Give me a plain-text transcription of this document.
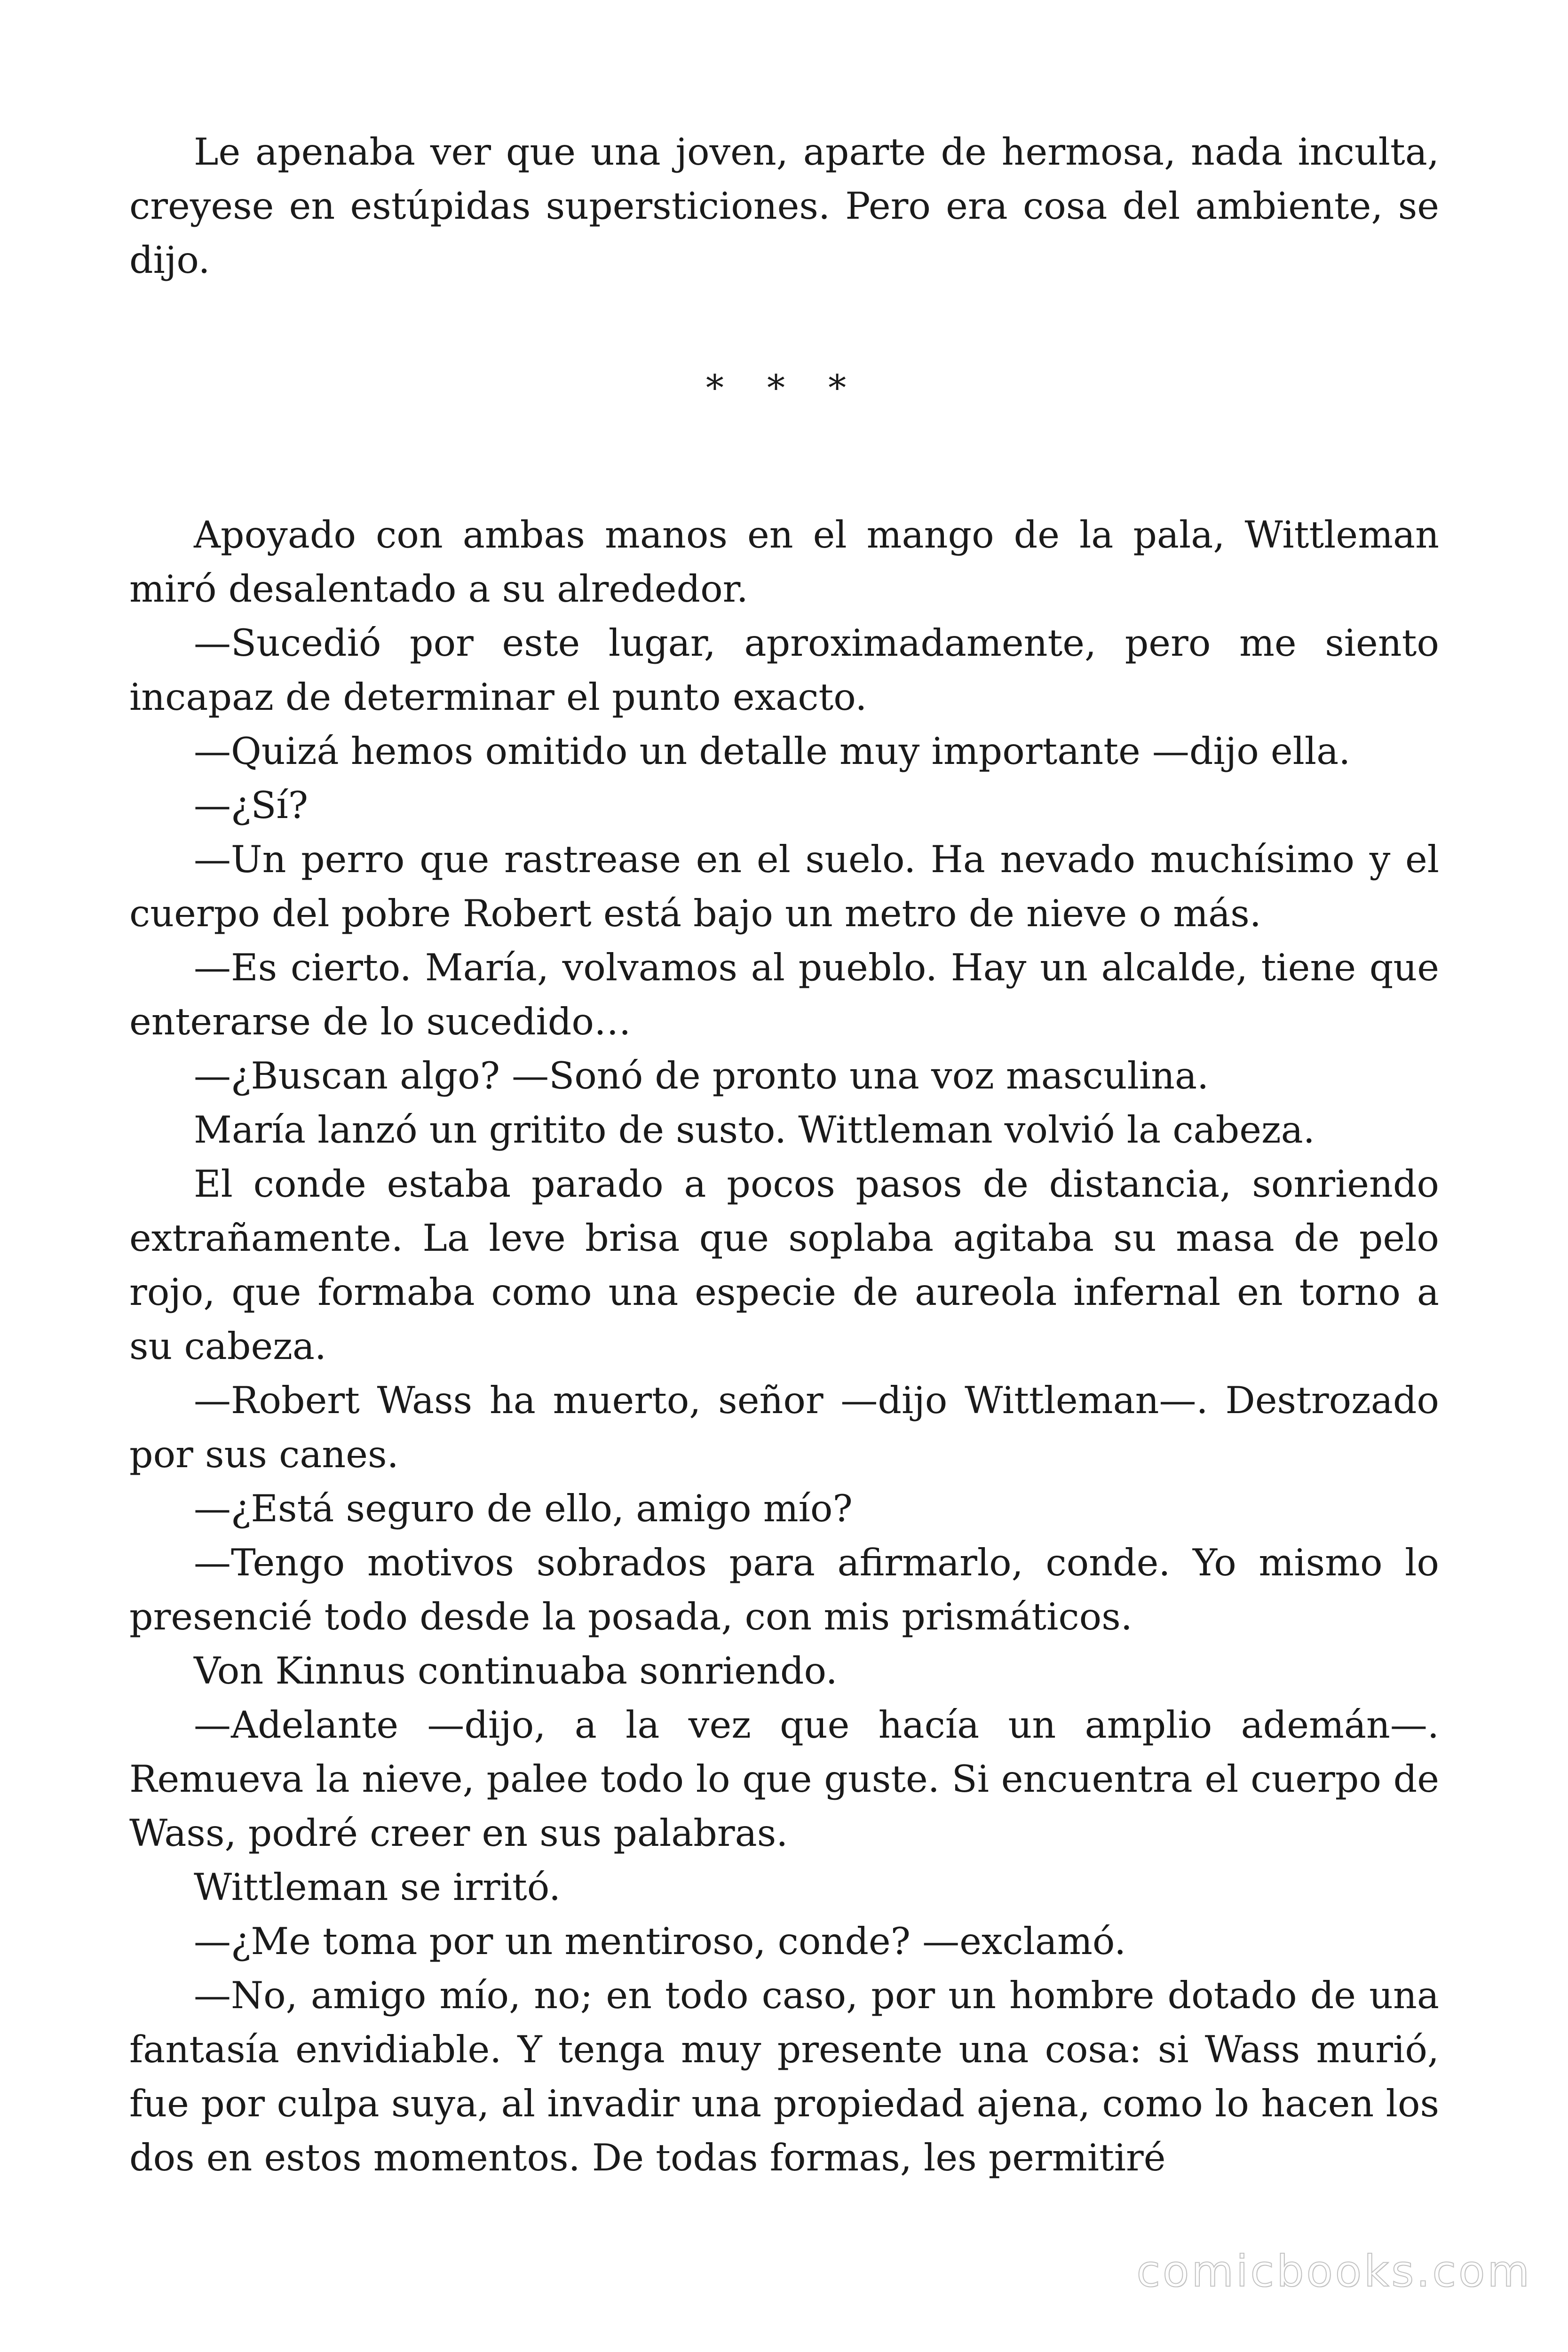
Le apenaba ver que una joven, aparte de hermosa, nada inculta, creyese en estúpidas supersticiones. Pero era cosa del ambiente, se dijo.

* * *

Apoyado con ambas manos en el mango de la pala, Wittleman miró desalentado a su alrededor.

—Sucedió por este lugar, aproximadamente, pero me siento incapaz de determinar el punto exacto.

—Quizá hemos omitido un detalle muy importante —dijo ella.

—¿Sí?

—Un perro que rastrease en el suelo. Ha nevado muchísimo y el cuerpo del pobre Robert está bajo un metro de nieve o más.

—Es cierto. María, volvamos al pueblo. Hay un alcalde, tiene que enterarse de lo sucedido…

—¿Buscan algo? —Sonó de pronto una voz masculina.

María lanzó un gritito de susto. Wittleman volvió la cabeza.

El conde estaba parado a pocos pasos de distancia, sonriendo extrañamente. La leve brisa que soplaba agitaba su masa de pelo rojo, que formaba como una especie de aureola infernal en torno a su cabeza.

—Robert Wass ha muerto, señor —dijo Wittleman—. Destrozado por sus canes.

—¿Está seguro de ello, amigo mío?

—Tengo motivos sobrados para afirmarlo, conde. Yo mismo lo presencié todo desde la posada, con mis prismáticos.

Von Kinnus continuaba sonriendo.

—Adelante —dijo, a la vez que hacía un amplio ademán—. Remueva la nieve, palee todo lo que guste. Si encuentra el cuerpo de Wass, podré creer en sus palabras.

Wittleman se irritó.

—¿Me toma por un mentiroso, conde? —exclamó.

—No, amigo mío, no; en todo caso, por un hombre dotado de una fantasía envidiable. Y tenga muy presente una cosa: si Wass murió, fue por culpa suya, al invadir una propiedad ajena, como lo hacen los dos en estos momentos. De todas formas, les permitiré

comicbooks.com
